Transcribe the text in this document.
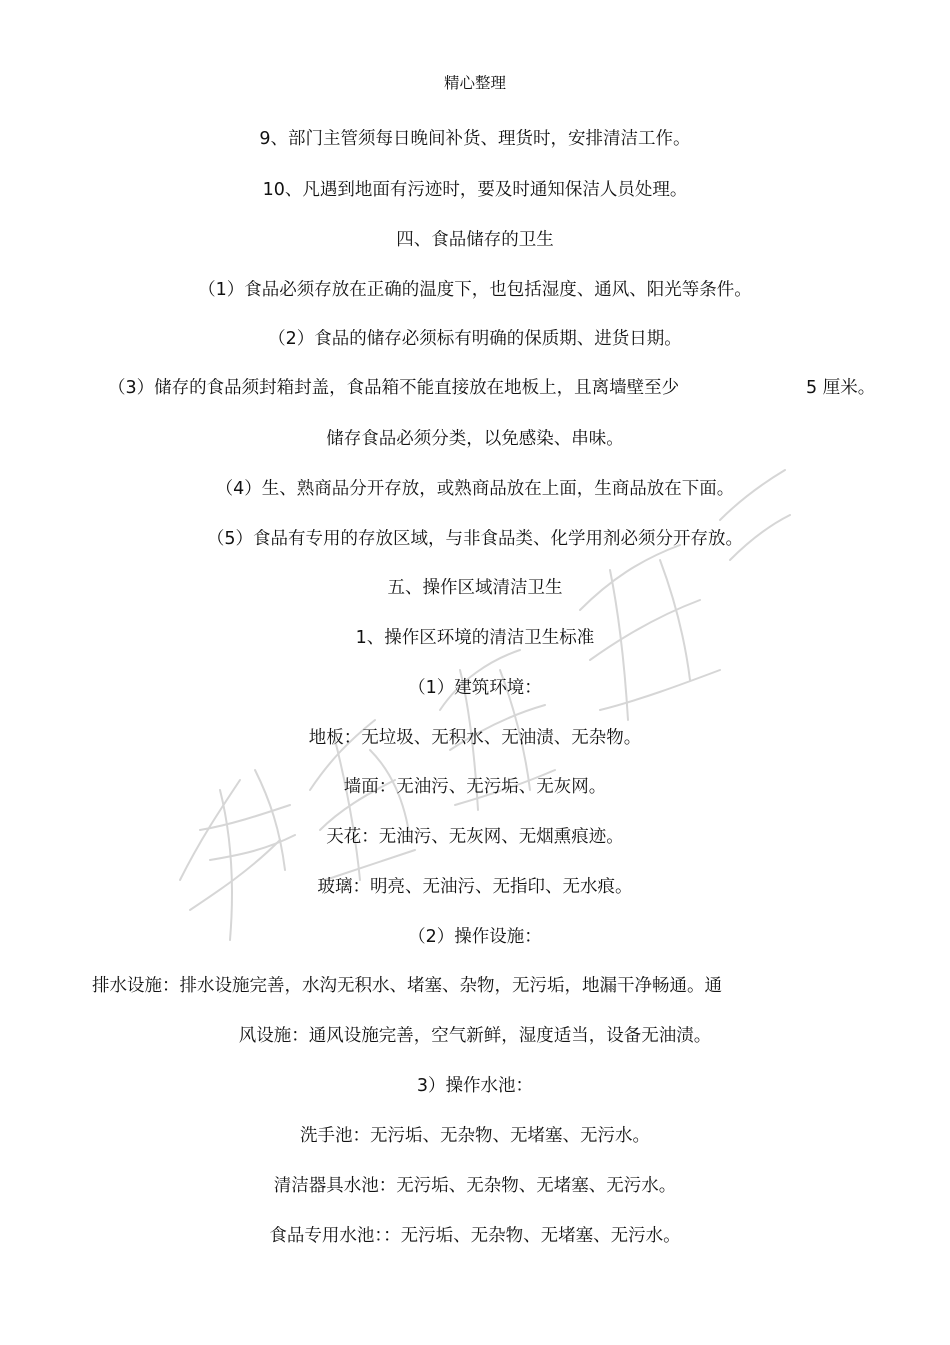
精心整理
9、部门主管须每日晚间补货、理货时，安排清洁工作。
10、凡遇到地面有污迹时，要及时通知保洁人员处理。
四、食品储存的卫生
（1）食品必须存放在正确的温度下，也包括湿度、通风、阳光等条件。
（2）食品的储存必须标有明确的保质期、进货日期。
（3）储存的食品须封箱封盖，食品箱不能直接放在地板上，且离墙壁至少	5 厘米。
储存食品必须分类，以免感染、串味。
（4）生、熟商品分开存放，或熟商品放在上面，生商品放在下面。
（5）食品有专用的存放区域，与非食品类、化学用剂必须分开存放。
五、操作区域清洁卫生
1、操作区环境的清洁卫生标准
（1）建筑环境：
地板：无垃圾、无积水、无油渍、无杂物。
墙面：无油污、无污垢、无灰网。
天花：无油污、无灰网、无烟熏痕迹。
玻璃：明亮、无油污、无指印、无水痕。
（2）操作设施：
排水设施：排水设施完善，水沟无积水、堵塞、杂物，无污垢，地漏干净畅通。通
风设施：通风设施完善，空气新鲜，湿度适当，设备无油渍。
3）操作水池：
洗手池：无污垢、无杂物、无堵塞、无污水。
清洁器具水池：无污垢、无杂物、无堵塞、无污水。
食品专用水池：：无污垢、无杂物、无堵塞、无污水。
